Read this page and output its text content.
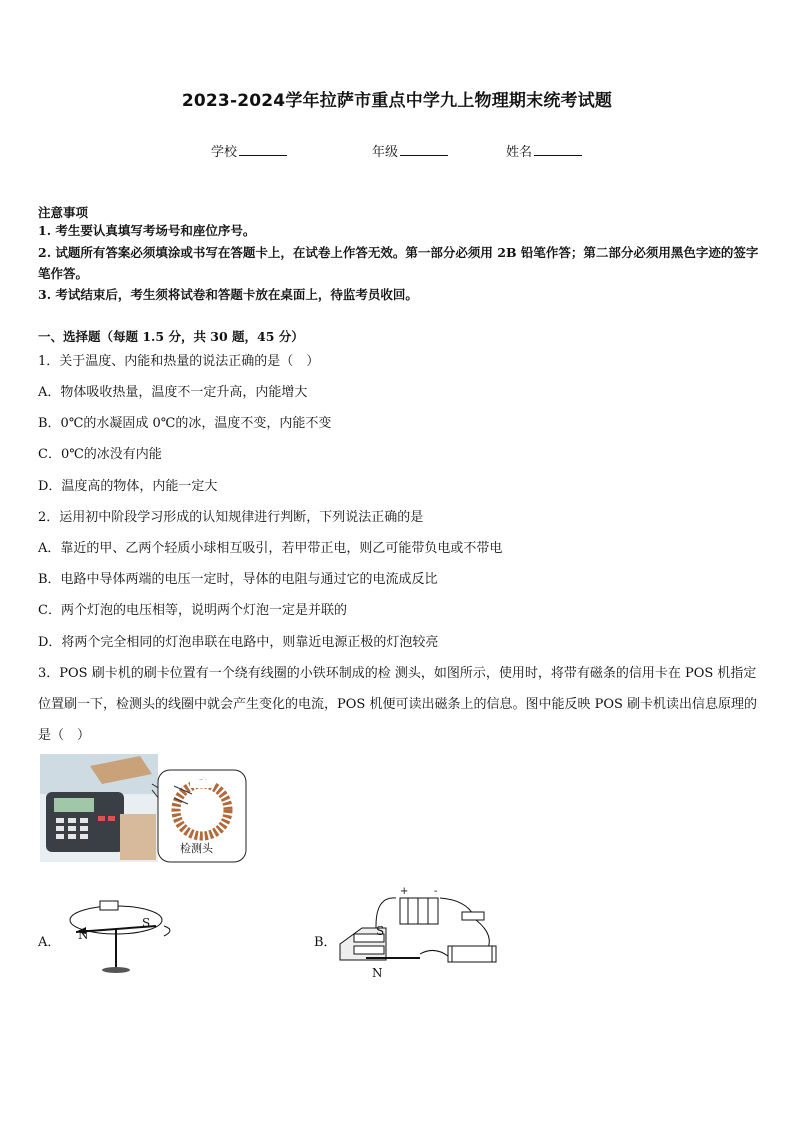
2023-2024学年拉萨市重点中学九上物理期末统考试题
学校	年级	姓名
注意事项
1. 考生要认真填写考场号和座位序号。
2. 试题所有答案必须填涂或书写在答题卡上，在试卷上作答无效。第一部分必须用 2B 铅笔作答；第二部分必须用黑色字迹的签字笔作答。
3. 考试结束后，考生须将试卷和答题卡放在桌面上，待监考员收回。
一、选择题（每题 1.5 分，共 30 题，45 分）
1．关于温度、内能和热量的说法正确的是（　）
A．物体吸收热量，温度不一定升高，内能增大
B．0℃的水凝固成 0℃的冰，温度不变，内能不变
C．0℃的冰没有内能
D．温度高的物体，内能一定大
2．运用初中阶段学习形成的认知规律进行判断，下列说法正确的是
A．靠近的甲、乙两个轻质小球相互吸引，若甲带正电，则乙可能带负电或不带电
B．电路中导体两端的电压一定时，导体的电阻与通过它的电流成反比
C．两个灯泡的电压相等，说明两个灯泡一定是并联的
D．将两个完全相同的灯泡串联在电路中，则靠近电源正极的灯泡较亮
3．POS 刷卡机的刷卡位置有一个绕有线圈的小铁环制成的检 测头，如图所示，使用时，将带有磁条的信用卡在 POS 机指定位置刷一下，检测头的线圈中就会产生变化的电流，POS 机便可读出磁条上的信息。图中能反映 POS 刷卡机读出信息原理的是（　）
检测头
A． N
S
B．
S
N
+	-
